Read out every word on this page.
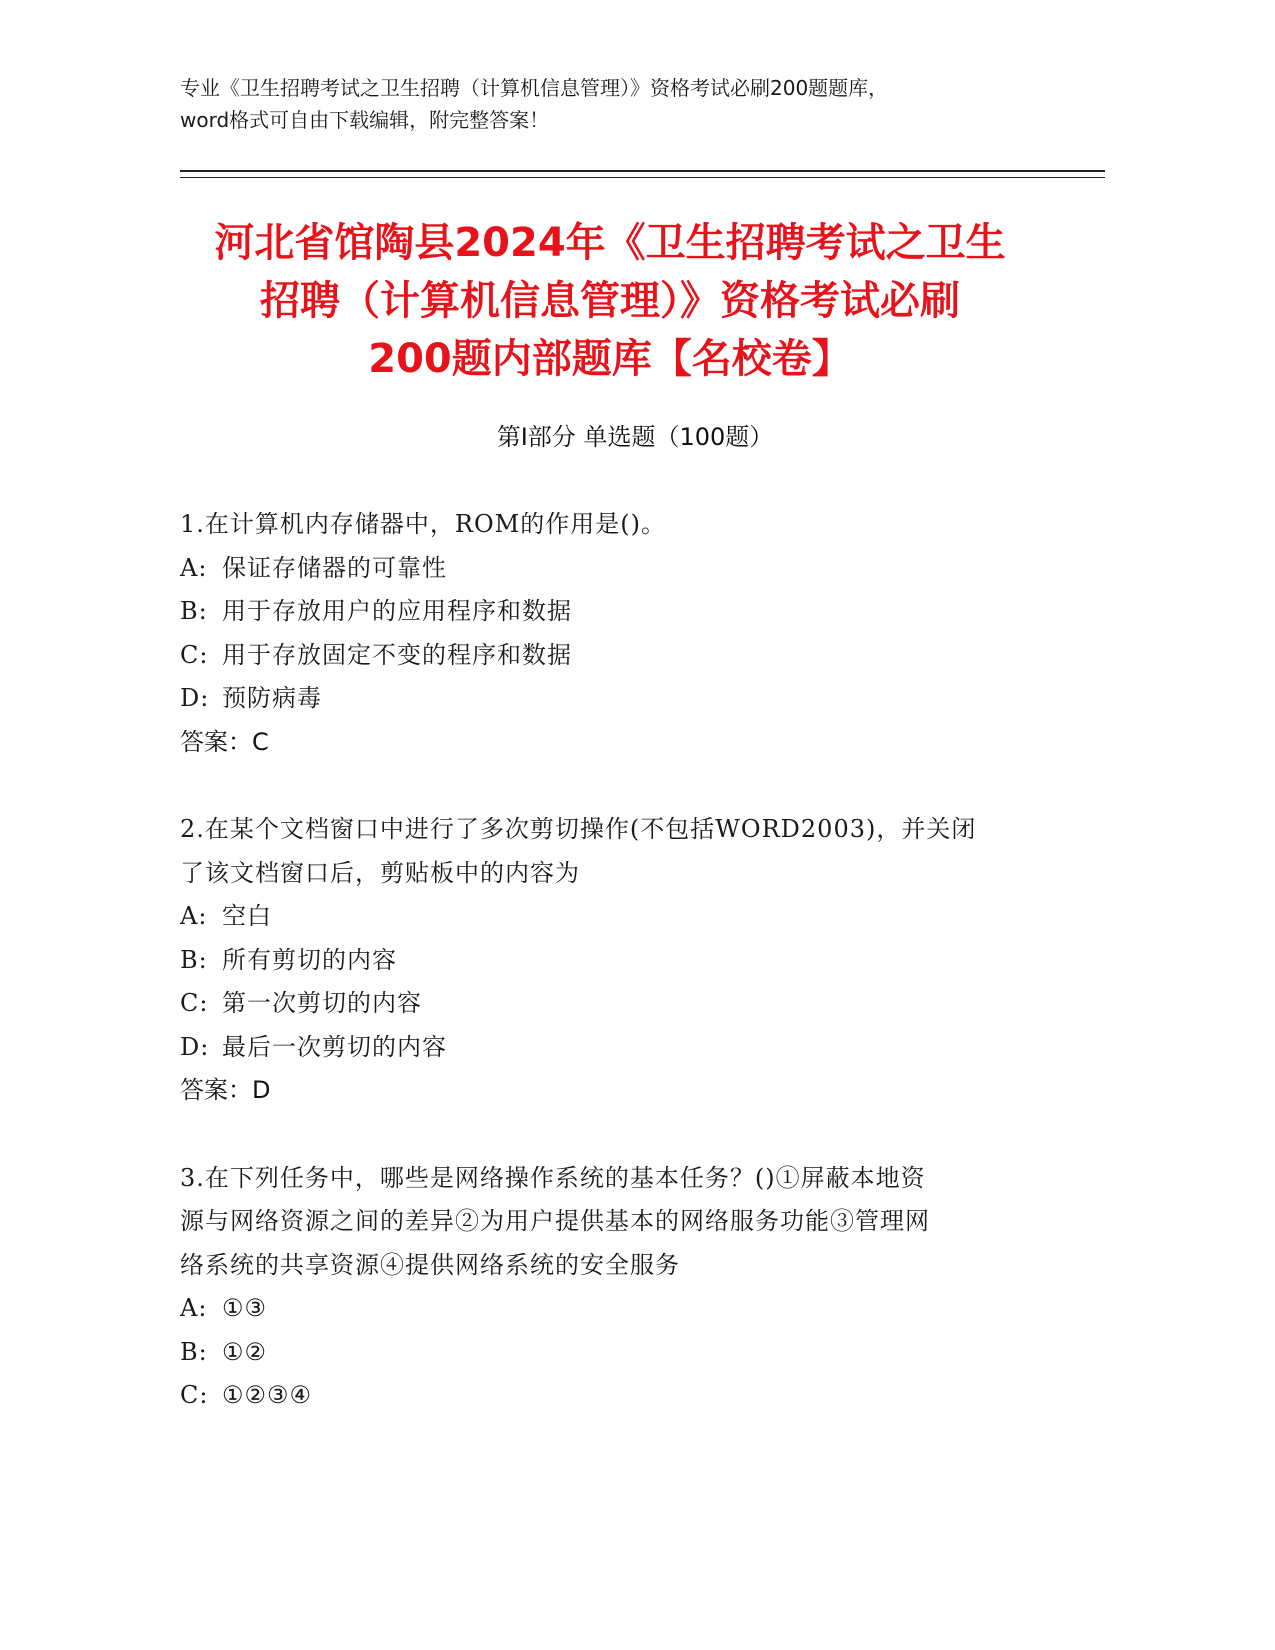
专业《卫生招聘考试之卫生招聘（计算机信息管理）》资格考试必刷200题题库，
word格式可自由下载编辑，附完整答案！
河北省馆陶县2024年《卫生招聘考试之卫生
招聘（计算机信息管理）》资格考试必刷
200题内部题库【名校卷】
第I部分 单选题（100题）
1.在计算机内存储器中，ROM的作用是()。
A: 保证存储器的可靠性
B: 用于存放用户的应用程序和数据
C: 用于存放固定不变的程序和数据
D: 预防病毒
答案：C
2.在某个文档窗口中进行了多次剪切操作(不包括WORD2003)，并关闭
了该文档窗口后，剪贴板中的内容为
A: 空白
B: 所有剪切的内容
C: 第一次剪切的内容
D: 最后一次剪切的内容
答案：D
3.在下列任务中，哪些是网络操作系统的基本任务？()①屏蔽本地资
源与网络资源之间的差异②为用户提供基本的网络服务功能③管理网
络系统的共享资源④提供网络系统的安全服务
A: ①③
B: ①②
C: ①②③④
